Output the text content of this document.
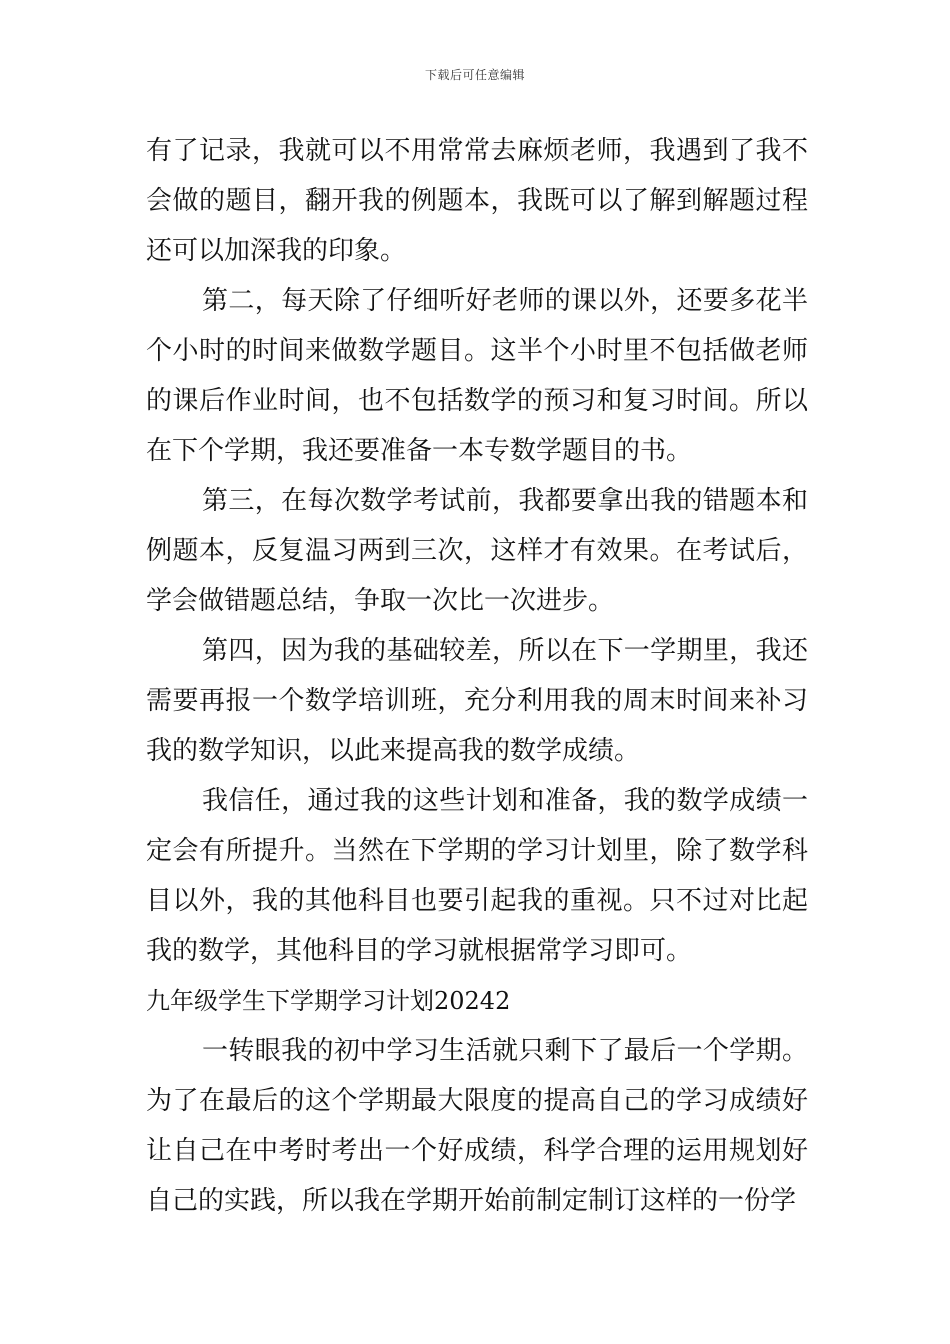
下载后可任意编辑

有了记录，我就可以不用常常去麻烦老师，我遇到了我不会做的题目，翻开我的例题本，我既可以了解到解题过程还可以加深我的印象。

第二，每天除了仔细听好老师的课以外，还要多花半个小时的时间来做数学题目。这半个小时里不包括做老师的课后作业时间，也不包括数学的预习和复习时间。所以在下个学期，我还要准备一本专数学题目的书。

第三，在每次数学考试前，我都要拿出我的错题本和例题本，反复温习两到三次，这样才有效果。在考试后，学会做错题总结，争取一次比一次进步。

第四，因为我的基础较差，所以在下一学期里，我还需要再报一个数学培训班，充分利用我的周末时间来补习我的数学知识，以此来提高我的数学成绩。

我信任，通过我的这些计划和准备，我的数学成绩一定会有所提升。当然在下学期的学习计划里，除了数学科目以外，我的其他科目也要引起我的重视。只不过对比起我的数学，其他科目的学习就根据常学习即可。

九年级学生下学期学习计划20242

一转眼我的初中学习生活就只剩下了最后一个学期。为了在最后的这个学期最大限度的提高自己的学习成绩好让自己在中考时考出一个好成绩，科学合理的运用规划好自己的实践，所以我在学期开始前制定制订这样的一份学
